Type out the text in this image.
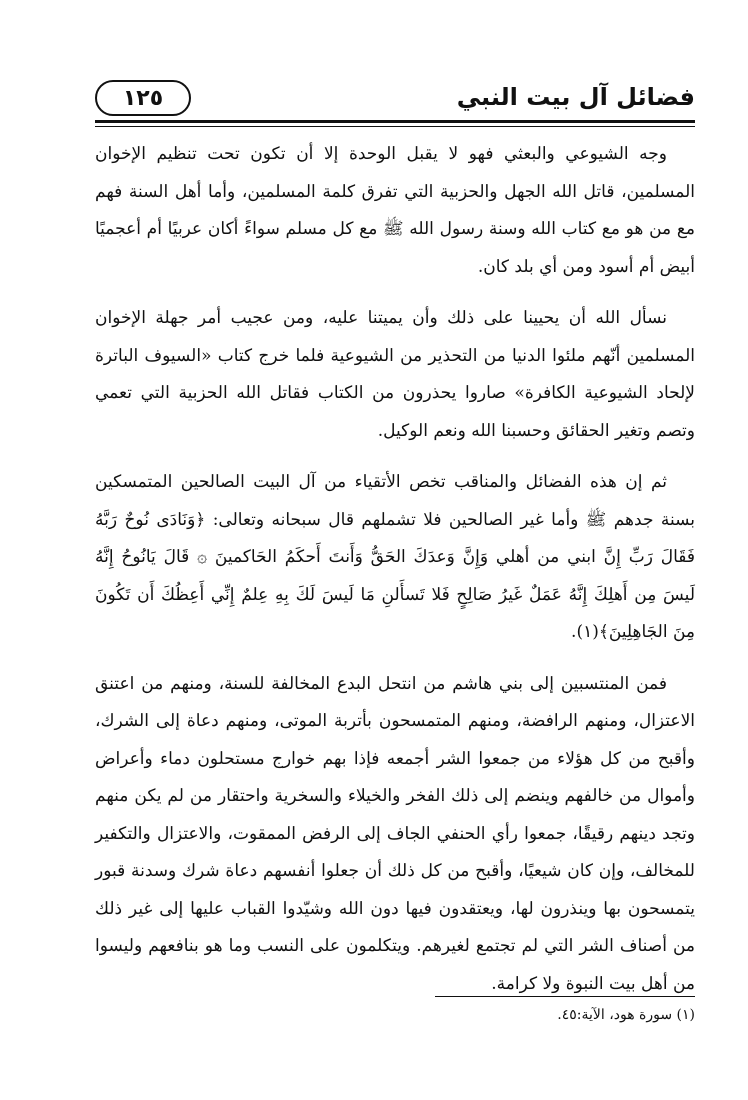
فضائل آل بيت النبي
١٢٥

وجه الشيوعي والبعثي فهو لا يقبل الوحدة إلا أن تكون تحت تنظيم الإخوان المسلمين، قاتل الله الجهل والحزبية التي تفرق كلمة المسلمين، وأما أهل السنة فهم مع من هو مع كتاب الله وسنة رسول الله ﷺ مع كل مسلم سواءً أكان عربيًا أم أعجميًا أبيض أم أسود ومن أي بلد كان.

نسأل الله أن يحيينا على ذلك وأن يميتنا عليه، ومن عجيب أمر جهلة الإخوان المسلمين أنّهم ملئوا الدنيا من التحذير من الشيوعية فلما خرج كتاب «السيوف الباترة لإلحاد الشيوعية الكافرة» صاروا يحذرون من الكتاب فقاتل الله الحزبية التي تعمي وتصم وتغير الحقائق وحسبنا الله ونعم الوكيل.

ثم إن هذه الفضائل والمناقب تخص الأتقياء من آل البيت الصالحين المتمسكين بسنة جدهم ﷺ وأما غير الصالحين فلا تشملهم قال سبحانه وتعالى: ﴿وَنَادَى نُوحٌ رَبَّهُ فَقَالَ رَبِّ إِنَّ ابني من أهلي وَإِنَّ وَعدَكَ الحَقُّ وَأَنتَ أَحكَمُ الحَاكمينَ ۞ قَالَ يَانُوحُ إِنَّهُ لَيسَ مِن أَهلِكَ إِنَّهُ عَمَلٌ غَيرُ صَالِحٍ فَلا تَسأَلنِ مَا لَيسَ لَكَ بِهِ عِلمٌ إِنِّي أَعِظُكَ أَن تَكُونَ مِنَ الجَاهِلِينَ﴾(١).

فمن المنتسبين إلى بني هاشم من انتحل البدع المخالفة للسنة، ومنهم من اعتنق الاعتزال، ومنهم الرافضة، ومنهم المتمسحون بأتربة الموتى، ومنهم دعاة إلى الشرك، وأقبح من كل هؤلاء من جمعوا الشر أجمعه فإذا بهم خوارج مستحلون دماء وأعراض وأموال من خالفهم وينضم إلى ذلك الفخر والخيلاء والسخرية واحتقار من لم يكن منهم وتجد دينهم رقيقًا، جمعوا رأي الحنفي الجاف إلى الرفض الممقوت، والاعتزال والتكفير للمخالف، وإن كان شيعيًا، وأقبح من كل ذلك أن جعلوا أنفسهم دعاة شرك وسدنة قبور يتمسحون بها وينذرون لها، ويعتقدون فيها دون الله وشيّدوا القباب عليها إلى غير ذلك من أصناف الشر التي لم تجتمع لغيرهم. ويتكلمون على النسب وما هو بنافعهم وليسوا من أهل بيت النبوة ولا كرامة.

(١) سورة هود، الآية:٤٥.
